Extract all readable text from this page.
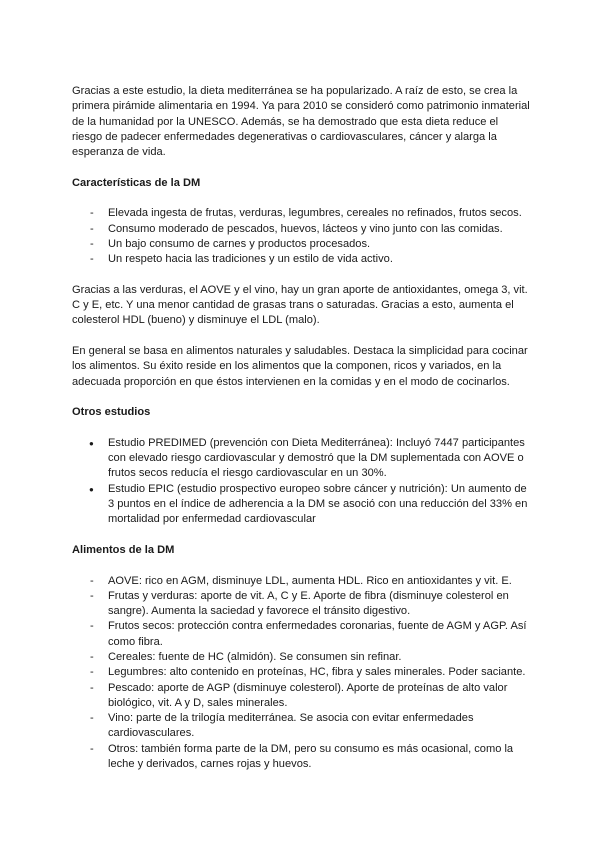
Gracias a este estudio, la dieta mediterránea se ha popularizado. A raíz de esto, se crea la primera pirámide alimentaria en 1994. Ya para 2010 se consideró como patrimonio inmaterial de la humanidad por la UNESCO. Además, se ha demostrado que esta dieta reduce el riesgo de padecer enfermedades degenerativas o cardiovasculares, cáncer y alarga la esperanza de vida.

Características de la DM
- Elevada ingesta de frutas, verduras, legumbres, cereales no refinados, frutos secos.
- Consumo moderado de pescados, huevos, lácteos y vino junto con las comidas.
- Un bajo consumo de carnes y productos procesados.
- Un respeto hacia las tradiciones y un estilo de vida activo.

Gracias a las verduras, el AOVE y el vino, hay un gran aporte de antioxidantes, omega 3, vit. C y E, etc. Y una menor cantidad de grasas trans o saturadas. Gracias a esto, aumenta el colesterol HDL (bueno) y disminuye el LDL (malo).

En general se basa en alimentos naturales y saludables. Destaca la simplicidad para cocinar los alimentos. Su éxito reside en los alimentos que la componen, ricos y variados, en la adecuada proporción en que éstos intervienen en la comidas y en el modo de cocinarlos.

Otros estudios
● Estudio PREDIMED (prevención con Dieta Mediterránea): Incluyó 7447 participantes con elevado riesgo cardiovascular y demostró que la DM suplementada con AOVE o frutos secos reducía el riesgo cardiovascular en un 30%.
● Estudio EPIC (estudio prospectivo europeo sobre cáncer y nutrición): Un aumento de 3 puntos en el índice de adherencia a la DM se asoció con una reducción del 33% en mortalidad por enfermedad cardiovascular
Alimentos de la DM
- AOVE: rico en AGM, disminuye LDL, aumenta HDL. Rico en antioxidantes y vit. E.
- Frutas y verduras: aporte de vit. A, C y E. Aporte de fibra (disminuye colesterol en sangre). Aumenta la saciedad y favorece el tránsito digestivo.
- Frutos secos: protección contra enfermedades coronarias, fuente de AGM y AGP. Así como fibra.
- Cereales: fuente de HC (almidón). Se consumen sin refinar.
- Legumbres: alto contenido en proteínas, HC, fibra y sales minerales. Poder saciante.
- Pescado: aporte de AGP (disminuye colesterol). Aporte de proteínas de alto valor biológico, vit. A y D, sales minerales.
- Vino: parte de la trilogía mediterránea. Se asocia con evitar enfermedades cardiovasculares.
- Otros: también forma parte de la DM, pero su consumo es más ocasional, como la leche y derivados, carnes rojas y huevos.
